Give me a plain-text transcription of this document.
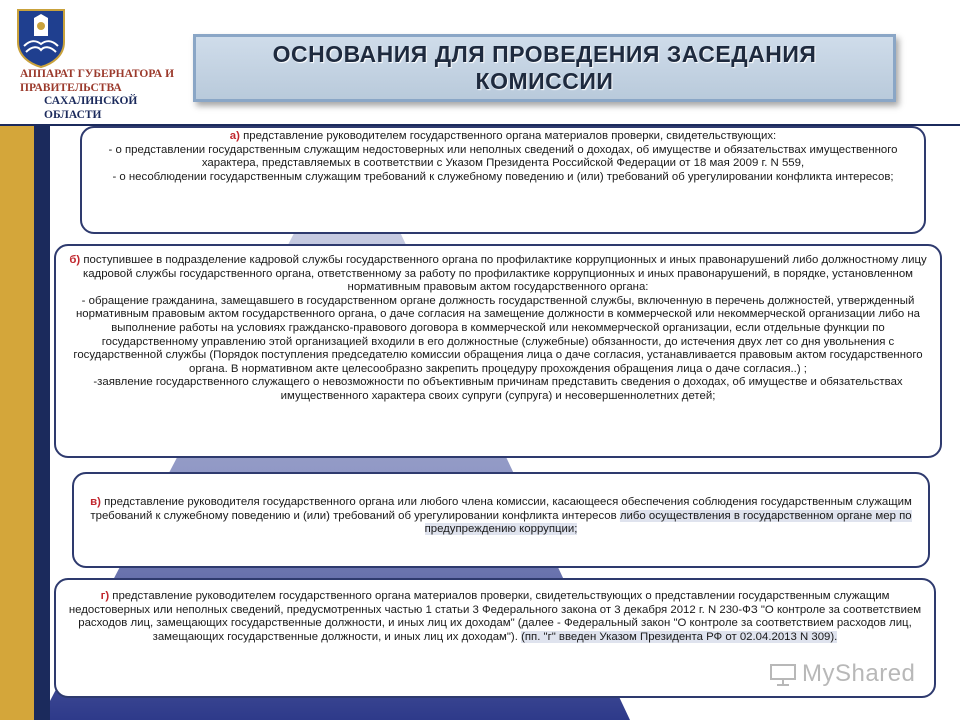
АППАРАТ ГУБЕРНАТОРА И
ПРАВИТЕЛЬСТВА
САХАЛИНСКОЙ
ОБЛАСТИ
ОСНОВАНИЯ ДЛЯ ПРОВЕДЕНИЯ ЗАСЕДАНИЯ
КОМИССИИ

а) представление руководителем государственного органа материалов проверки, свидетельствующих:

- о представлении государственным служащим недостоверных или неполных сведений о доходах, об имуществе и обязательствах имущественного характера, представляемых в соответствии с Указом Президента Российской Федерации от 18 мая 2009 г. N 559,

- о несоблюдении государственным служащим требований к служебному поведению и (или) требований об урегулировании конфликта интересов;

б) поступившее в подразделение кадровой службы государственного органа по профилактике коррупционных и иных правонарушений либо должностному лицу кадровой службы государственного органа, ответственному за работу по профилактике коррупционных и иных правонарушений, в порядке, установленном нормативным правовым актом государственного органа:

- обращение гражданина, замещавшего в государственном органе должность государственной службы, включенную в перечень должностей, утвержденный нормативным правовым актом государственного органа, о даче согласия на замещение должности в коммерческой или некоммерческой организации либо на выполнение работы на условиях гражданско-правового договора в коммерческой или некоммерческой организации, если отдельные функции по государственному управлению этой организацией входили в его должностные (служебные) обязанности, до истечения двух лет со дня увольнения с государственной службы (Порядок поступления председателю комиссии обращения лица о даче согласия, устанавливается правовым актом государственного органа. В нормативном акте целесообразно закрепить процедуру прохождения обращения лица о даче согласия..) ;

-заявление государственного служащего о невозможности по объективным причинам представить сведения о доходах, об имуществе и обязательствах имущественного характера своих супруги (супруга) и несовершеннолетних детей;

в) представление руководителя государственного органа или любого члена комиссии, касающееся обеспечения соблюдения государственным служащим требований к служебному поведению и (или) требований об урегулировании конфликта интересов либо осуществления в государственном органе мер по предупреждению коррупции;

г) представление руководителем государственного органа материалов проверки, свидетельствующих о представлении государственным служащим недостоверных или неполных сведений, предусмотренных частью 1 статьи 3 Федерального закона от 3 декабря 2012 г. N 230-ФЗ "О контроле за соответствием расходов лиц, замещающих государственные должности, и иных лиц их доходам" (далее - Федеральный закон "О контроле за соответствием расходов лиц, замещающих государственные должности, и иных лиц их доходам"). (пп. "г" введен Указом Президента РФ от 02.04.2013 N 309).

MyShared
